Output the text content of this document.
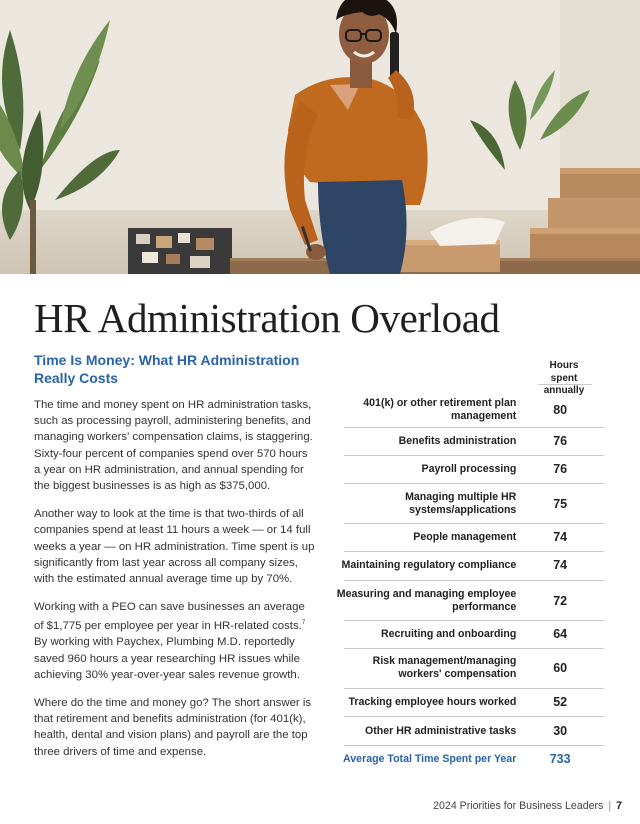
HR Administration Overload
Time Is Money: What HR Administration Really Costs

The time and money spent on HR administration tasks, such as processing payroll, administering benefits, and managing workers' compensation claims, is staggering. Sixty-four percent of companies spend over 570 hours a year on HR administration, and annual spending for the biggest businesses is as high as $375,000.

Another way to look at the time is that two-thirds of all companies spend at least 11 hours a week — or 14 full weeks a year — on HR administration. Time spent is up significantly from last year across all company sizes, with the estimated annual average time up by 70%.

Working with a PEO can save businesses an average of $1,775 per employee per year in HR-related costs.$^7$ By working with Paychex, Plumbing M.D. reportedly saved 960 hours a year researching HR issues while achieving 30% year-over-year sales revenue growth.

Where do the time and money go? The short answer is that retirement and benefits administration (for 401(k), health, dental and vision plans) and payroll are the top three drivers of time and expense.

Hours spent annually
401(k) or other retirement plan management	80
Benefits administration	76
Payroll processing	76
Managing multiple HR systems/applications	75
People management	74
Maintaining regulatory compliance	74
Measuring and managing employee performance	72
Recruiting and onboarding	64
Risk management/managing workers' compensation	60
Tracking employee hours worked	52
Other HR administrative tasks	30
Average Total Time Spent per Year	733
2024 Priorities for Business Leaders | 7
